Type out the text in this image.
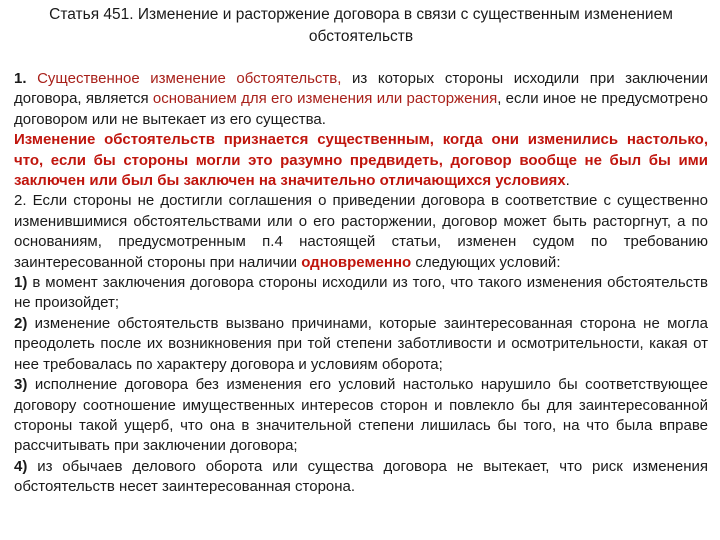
Статья 451. Изменение и расторжение договора в связи с существенным изменением
обстоятельств

1. Существенное изменение обстоятельств, из которых стороны исходили при заключении договора, является основанием для его изменения или расторжения, если иное не предусмотрено договором или не вытекает из его существа.

Изменение обстоятельств признается существенным, когда они изменились настолько, что, если бы стороны могли это разумно предвидеть, договор вообще не был бы ими заключен или был бы заключен на значительно отличающихся условиях.

2. Если стороны не достигли соглашения о приведении договора в соответствие с существенно изменившимися обстоятельствами или о его расторжении, договор может быть расторгнут, а по основаниям, предусмотренным п.4 настоящей статьи, изменен судом по требованию заинтересованной стороны при наличии одновременно следующих условий:

1) в момент заключения договора стороны исходили из того, что такого изменения обстоятельств не произойдет;

2) изменение обстоятельств вызвано причинами, которые заинтересованная сторона не могла преодолеть после их возникновения при той степени заботливости и осмотрительности, какая от нее требовалась по характеру договора и условиям оборота;

3) исполнение договора без изменения его условий настолько нарушило бы соответствующее договору соотношение имущественных интересов сторон и повлекло бы для заинтересованной стороны такой ущерб, что она в значительной степени лишилась бы того, на что была вправе рассчитывать при заключении договора;

4) из обычаев делового оборота или существа договора не вытекает, что риск изменения обстоятельств несет заинтересованная сторона.
